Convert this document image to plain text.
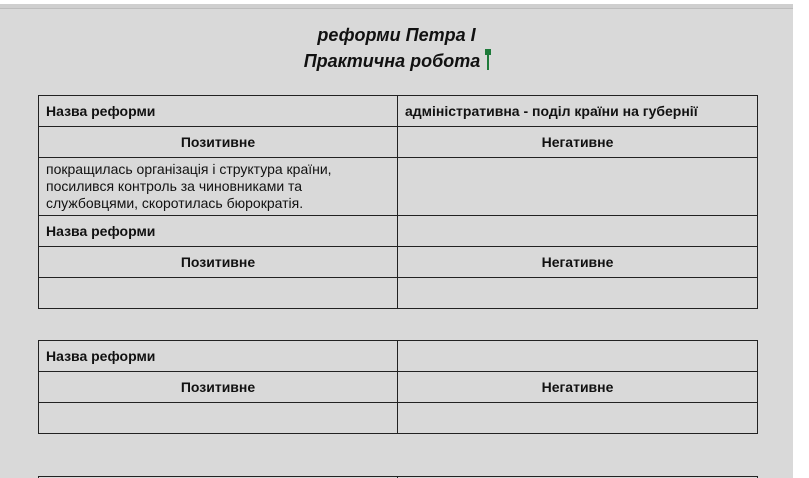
реформи Петра І
Практична робота
Назва реформи	адміністративна - поділ країни на губернії
Позитивне	Негативне
покращилась організація і структура країни, посилився контроль за чиновниками та службовцями, скоротилась бюрократія.	
Назва реформи	
Позитивне	Негативне

Назва реформи	
Позитивне	Негативне
